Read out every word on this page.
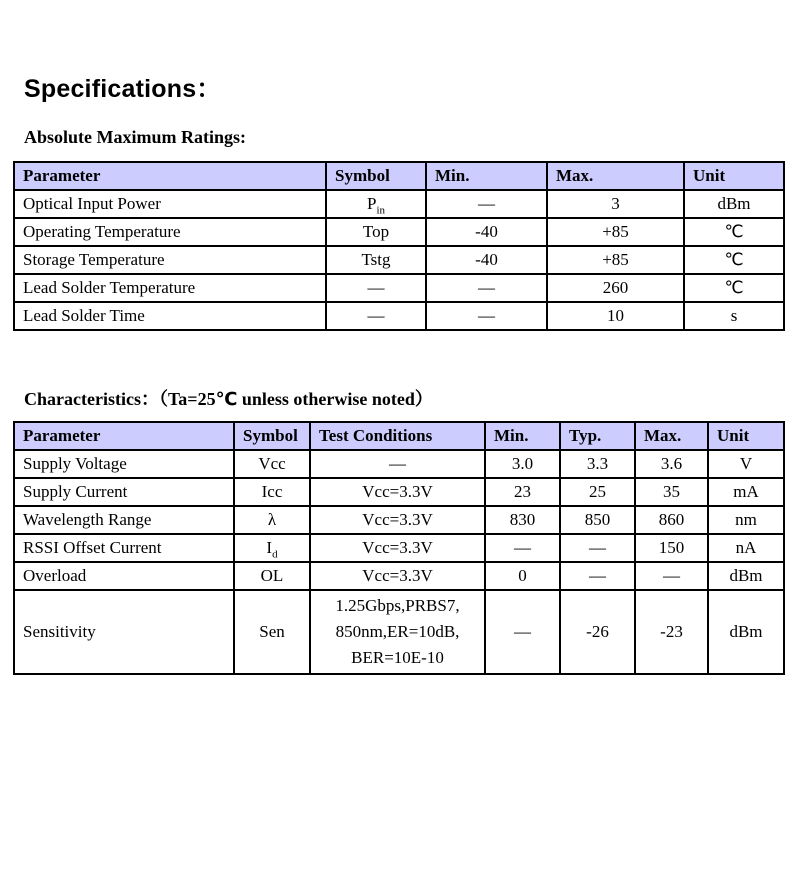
Specifications：
Absolute Maximum Ratings:
Parameter	Symbol	Min.	Max.	Unit
Optical Input Power	$P_{in}$	—	3	dBm
Operating Temperature	Top	-40	+85	℃
Storage Temperature	Tstg	-40	+85	℃
Lead Solder Temperature	—	—	260	℃
Lead Solder Time	—	—	10	s
Characteristics：（Ta=25℃ unless otherwise noted）
Parameter	Symbol	Test Conditions	Min.	Typ.	Max.	Unit
Supply Voltage	Vcc	—	3.0	3.3	3.6	V
Supply Current	Icc	Vcc=3.3V	23	25	35	mA
Wavelength Range	λ	Vcc=3.3V	830	850	860	nm
RSSI Offset Current	$I_d$	Vcc=3.3V	—	—	150	nA
Overload	OL	Vcc=3.3V	0	—	—	dBm
Sensitivity	Sen	1.25Gbps,PRBS7,
850nm,ER=10dB,
BER=10E-10	—	-26	-23	dBm
